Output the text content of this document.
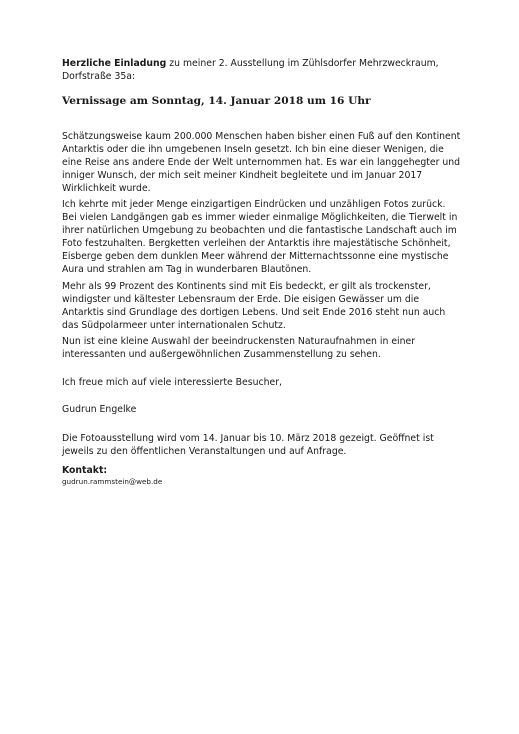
Herzliche Einladung zu meiner 2. Ausstellung im Zühlsdorfer Mehrzweckraum, Dorfstraße 35a:
Vernissage am Sonntag, 14. Januar 2018 um 16 Uhr

Schätzungsweise kaum 200.000 Menschen haben bisher einen Fuß auf den Kontinent Antarktis oder die ihn umgebenen Inseln gesetzt. Ich bin eine dieser Wenigen, die eine Reise ans andere Ende der Welt unternommen hat. Es war ein langgehegter und inniger Wunsch, der mich seit meiner Kindheit begleitete und im Januar 2017 Wirklichkeit wurde.

Ich kehrte mit jeder Menge einzigartigen Eindrücken und unzähligen Fotos zurück. Bei vielen Landgängen gab es immer wieder einmalige Möglichkeiten, die Tierwelt in ihrer natürlichen Umgebung zu beobachten und die fantastische Landschaft auch im Foto festzuhalten. Bergketten verleihen der Antarktis ihre majestätische Schönheit, Eisberge geben dem dunklen Meer während der Mitternachtssonne eine mystische Aura und strahlen am Tag in wunderbaren Blautönen.

Mehr als 99 Prozent des Kontinents sind mit Eis bedeckt, er gilt als trockenster, windigster und kältester Lebensraum der Erde. Die eisigen Gewässer um die Antarktis sind Grundlage des dortigen Lebens. Und seit Ende 2016 steht nun auch das Südpolarmeer unter internationalen Schutz.

Nun ist eine kleine Auswahl der beeindruckensten Naturaufnahmen in einer interessanten und außergewöhnlichen Zusammenstellung zu sehen.

Ich freue mich auf viele interessierte Besucher,

Gudrun Engelke

Die Fotoausstellung wird vom 14. Januar bis 10. März 2018 gezeigt. Geöffnet ist jeweils zu den öffentlichen Veranstaltungen und auf Anfrage.

Kontakt:
gudrun.rammstein@web.de
